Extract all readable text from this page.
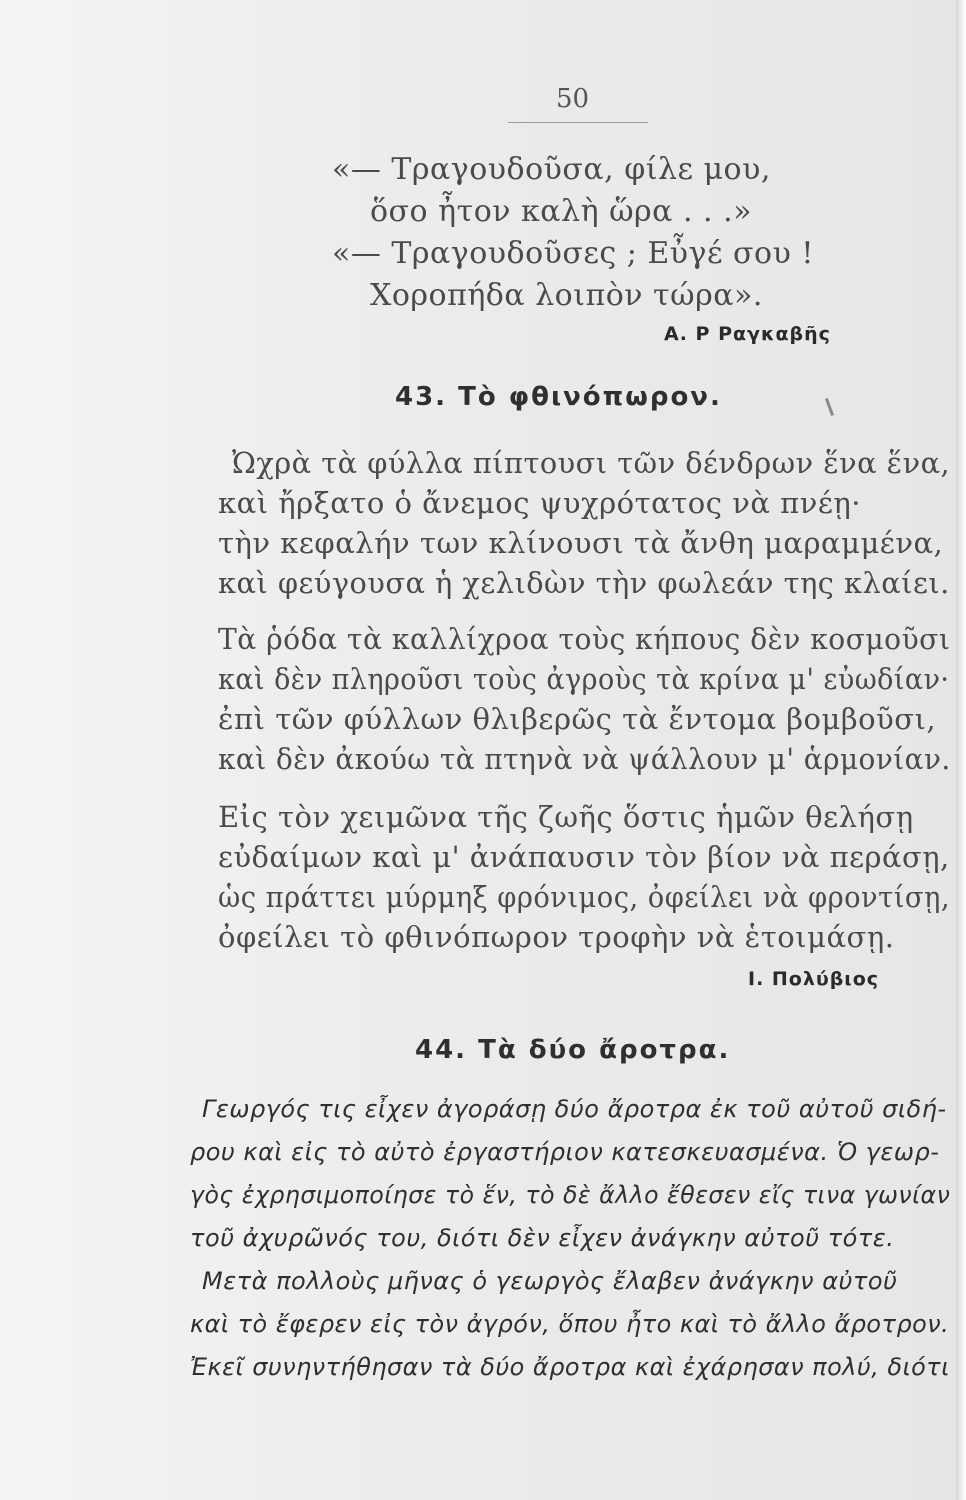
50
«— Τραγουδοῦσα, φίλε μου,
ὅσο ἦτον καλὴ ὥρα . . .»
«— Τραγουδοῦσες ; Εὖγέ σου !
Χοροπήδα λοιπὸν τώρα».
Α. Ρ Ραγκαβῆς
43. Τὸ φθινόπωρον.
Ὠχρὰ τὰ φύλλα πίπτουσι τῶν δένδρων ἕνα ἕνα,
καὶ ἤρξατο ὁ ἄνεμος ψυχρότατος νὰ πνέῃ·
τὴν κεφαλήν των κλίνουσι τὰ ἄνθη μαραμμένα,
καὶ φεύγουσα ἡ χελιδὼν τὴν φωλεάν της κλαίει.
Τὰ ῥόδα τὰ καλλίχροα τοὺς κήπους δὲν κοσμοῦσι
καὶ δὲν πληροῦσι τοὺς ἀγροὺς τὰ κρίνα μ' εὐωδίαν·
ἐπὶ τῶν φύλλων θλιβερῶς τὰ ἔντομα βομβοῦσι,
καὶ δὲν ἀκούω τὰ πτηνὰ νὰ ψάλλουν μ' ἁρμονίαν.
Εἰς τὸν χειμῶνα τῆς ζωῆς ὅστις ἡμῶν θελήσῃ
εὐδαίμων καὶ μ' ἀνάπαυσιν τὸν βίον νὰ περάσῃ,
ὡς πράττει μύρμηξ φρόνιμος, ὀφείλει νὰ φροντίσῃ,
ὀφείλει τὸ φθινόπωρον τροφὴν νὰ ἑτοιμάσῃ.
Ι. Πολύβιος
44. Τὰ δύο ἄροτρα.
Γεωργός τις εἶχεν ἀγοράσῃ δύο ἄροτρα ἐκ τοῦ αὐτοῦ σιδή-
ρου καὶ εἰς τὸ αὐτὸ ἐργαστήριον κατεσκευασμένα. Ὁ γεωρ-
γὸς ἐχρησιμοποίησε τὸ ἕν, τὸ δὲ ἄλλο ἔθεσεν εἴς τινα γωνίαν
τοῦ ἀχυρῶνός του, διότι δὲν εἶχεν ἀνάγκην αὐτοῦ τότε.
Μετὰ πολλοὺς μῆνας ὁ γεωργὸς ἔλαβεν ἀνάγκην αὐτοῦ
καὶ τὸ ἔφερεν εἰς τὸν ἀγρόν, ὅπου ἦτο καὶ τὸ ἄλλο ἄροτρον.
Ἐκεῖ συνηντήθησαν τὰ δύο ἄροτρα καὶ ἐχάρησαν πολύ, διότι
